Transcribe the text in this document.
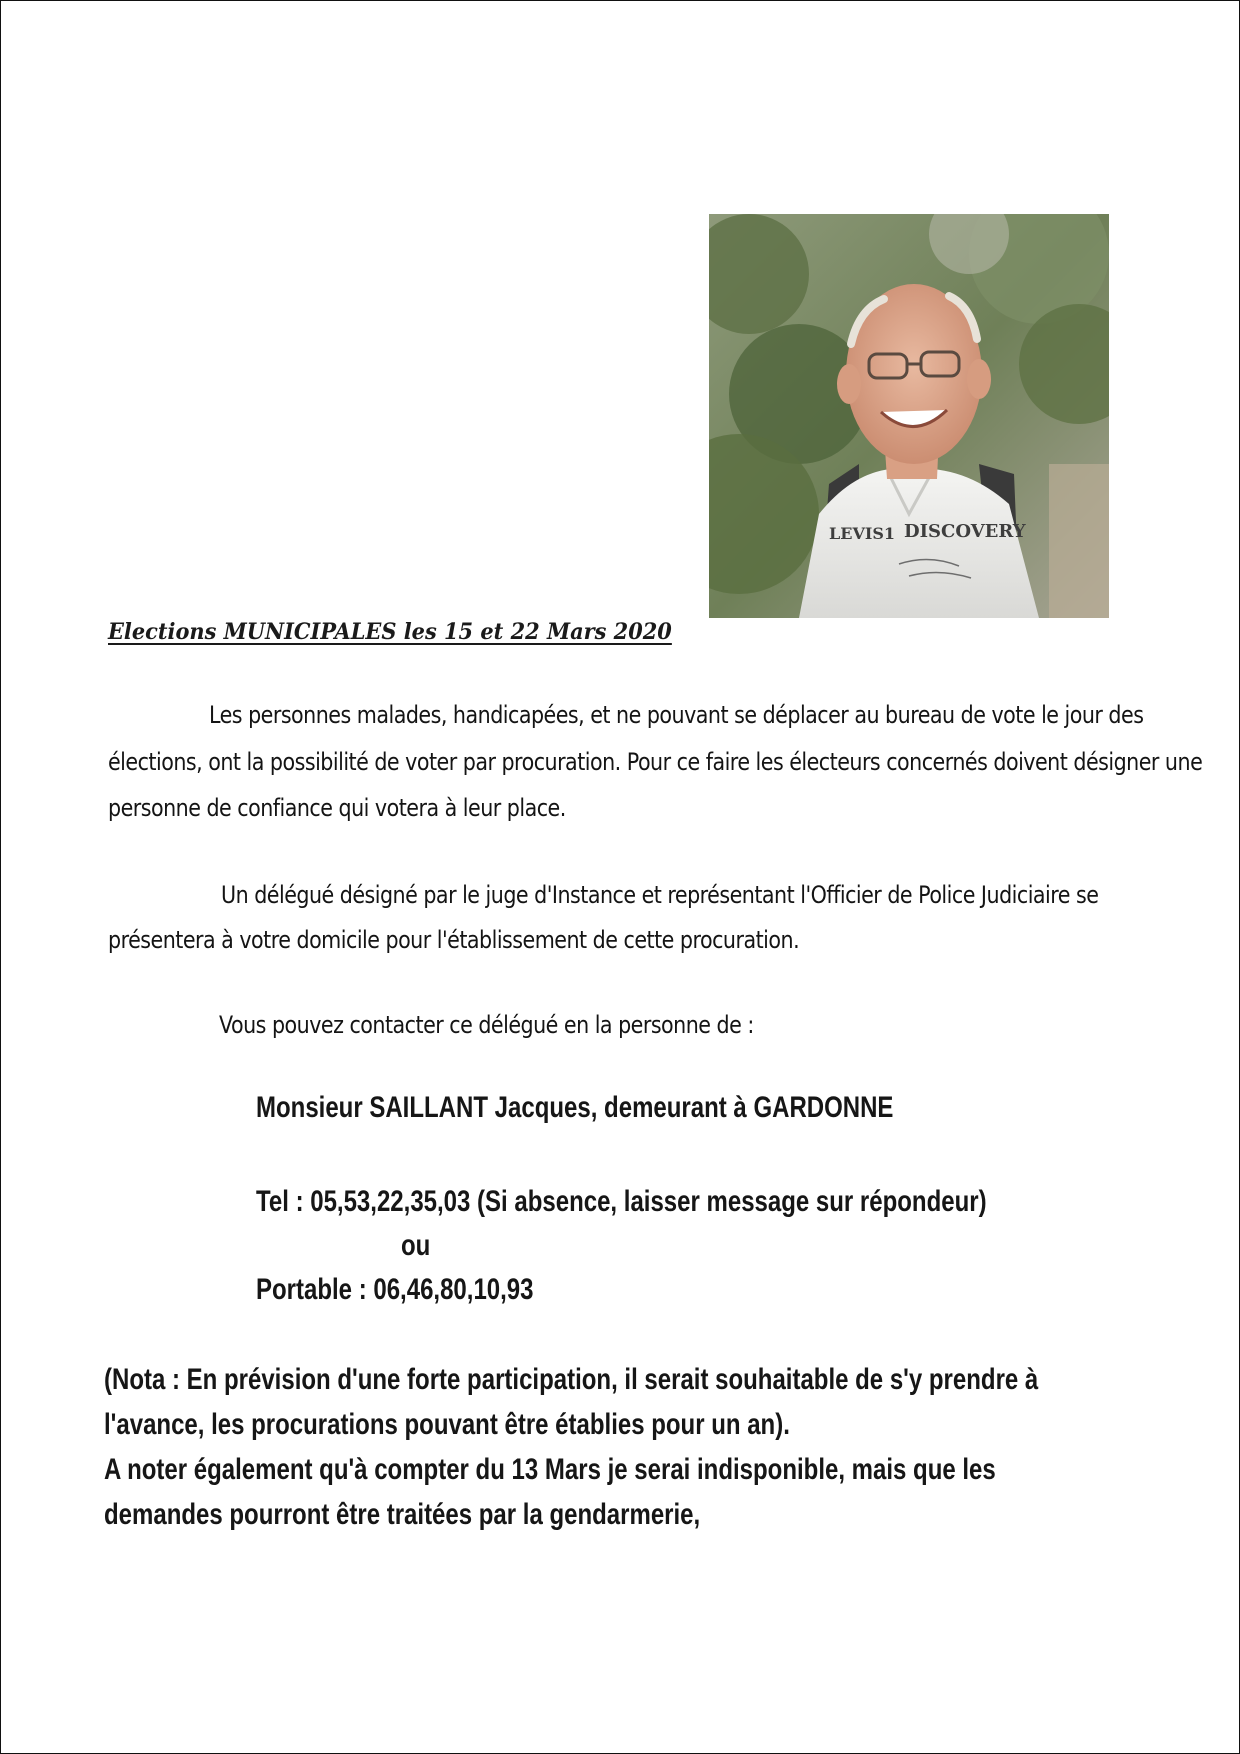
LEVIS1 DISCOVERY
Elections MUNICIPALES les 15 et 22 Mars 2020
Les personnes malades, handicapées, et ne pouvant se déplacer au bureau de vote le jour des
élections, ont la possibilité de voter par procuration. Pour ce faire les électeurs concernés doivent désigner une
personne de confiance qui votera à leur place.
Un délégué désigné par le juge d'Instance et représentant l'Officier de Police Judiciaire se
présentera à votre domicile pour l'établissement de cette procuration.
Vous pouvez contacter ce délégué en la personne de :
Monsieur SAILLANT Jacques, demeurant à GARDONNE
Tel : 05,53,22,35,03 (Si absence, laisser message sur répondeur)
ou
Portable : 06,46,80,10,93
(Nota : En prévision d'une forte participation, il serait souhaitable de s'y prendre à
l'avance, les procurations pouvant être établies pour un an).
A noter également qu'à compter du 13 Mars je serai indisponible, mais que les
demandes pourront être traitées par la gendarmerie,
